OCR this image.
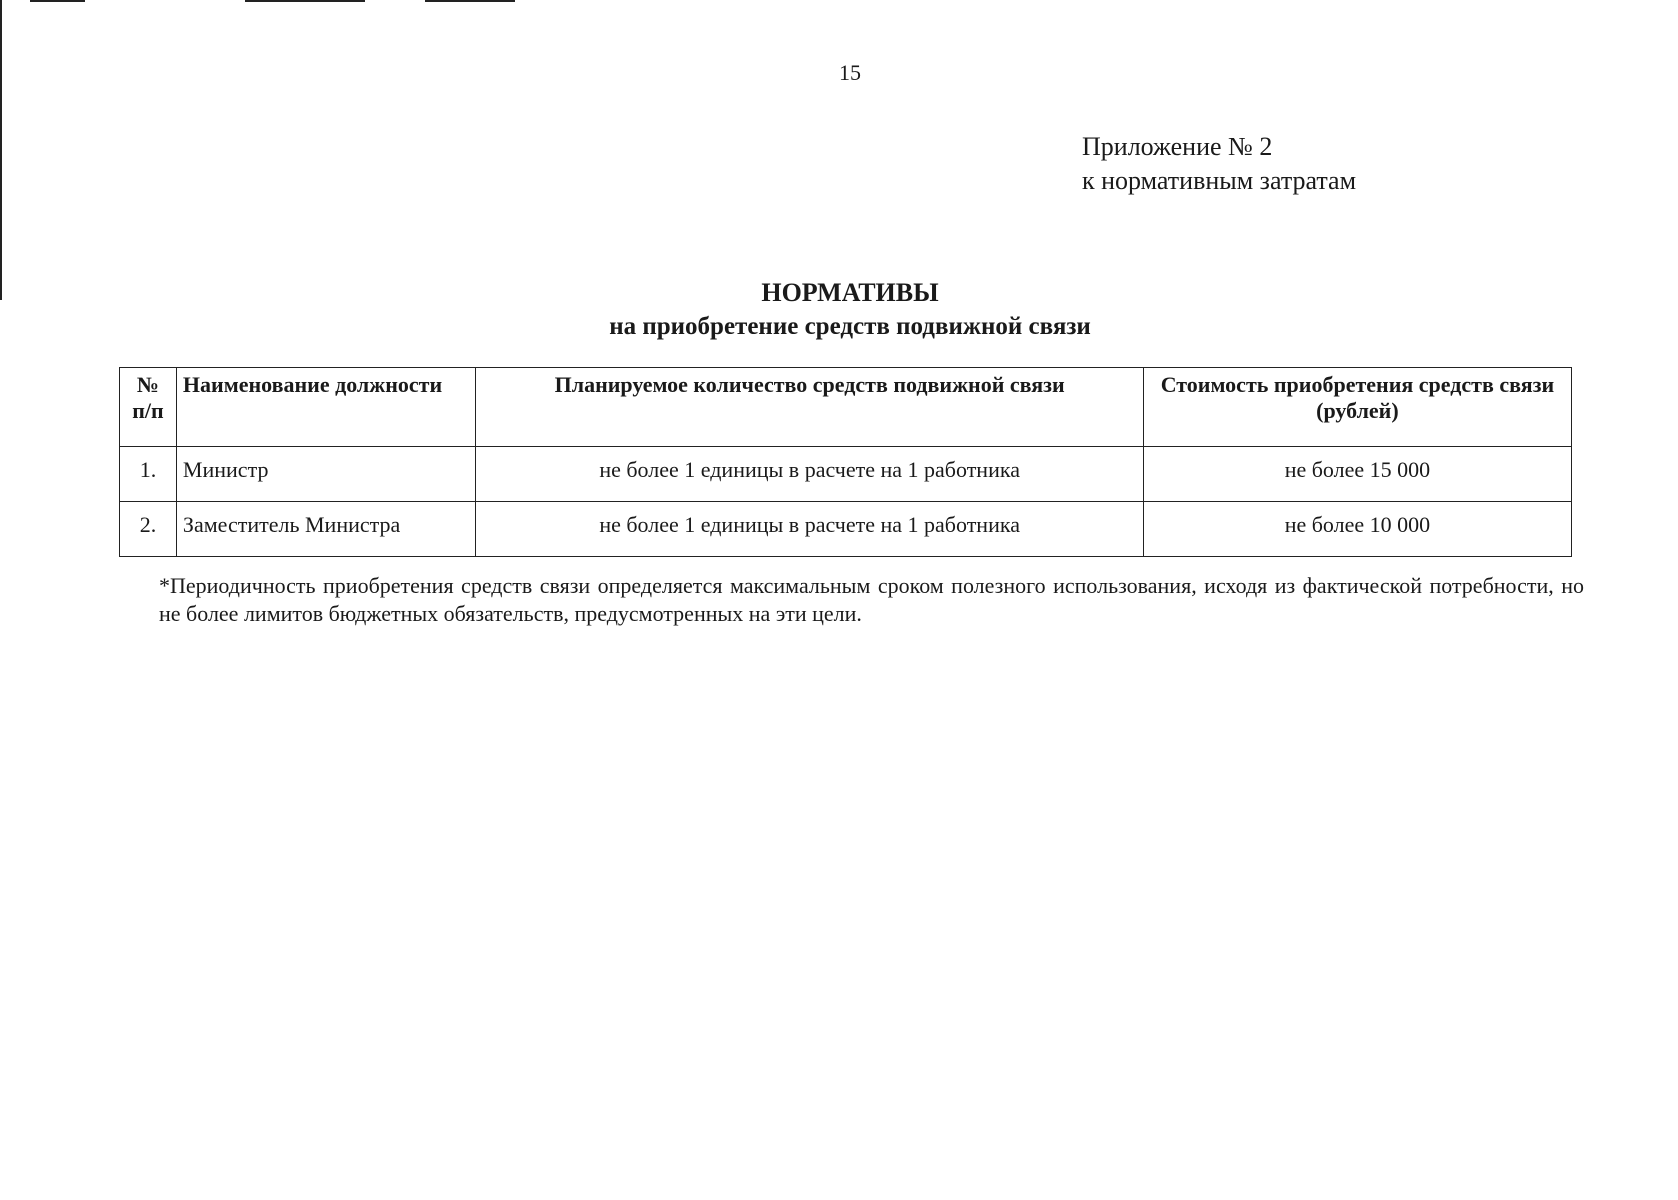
15
Приложение № 2
к нормативным затратам
НОРМАТИВЫ
на приобретение средств подвижной связи
№ п/п	Наименование должности	Планируемое количество средств подвижной связи	Стоимость приобретения средств связи (рублей)
1.	Министр	не более 1 единицы в расчете на 1 работника	не более 15 000
2.	Заместитель Министра	не более 1 единицы в расчете на 1 работника	не более 10 000
*Периодичность приобретения средств связи определяется максимальным сроком полезного использования, исходя из фактической потребности, но не более лимитов бюджетных обязательств, предусмотренных на эти цели.
